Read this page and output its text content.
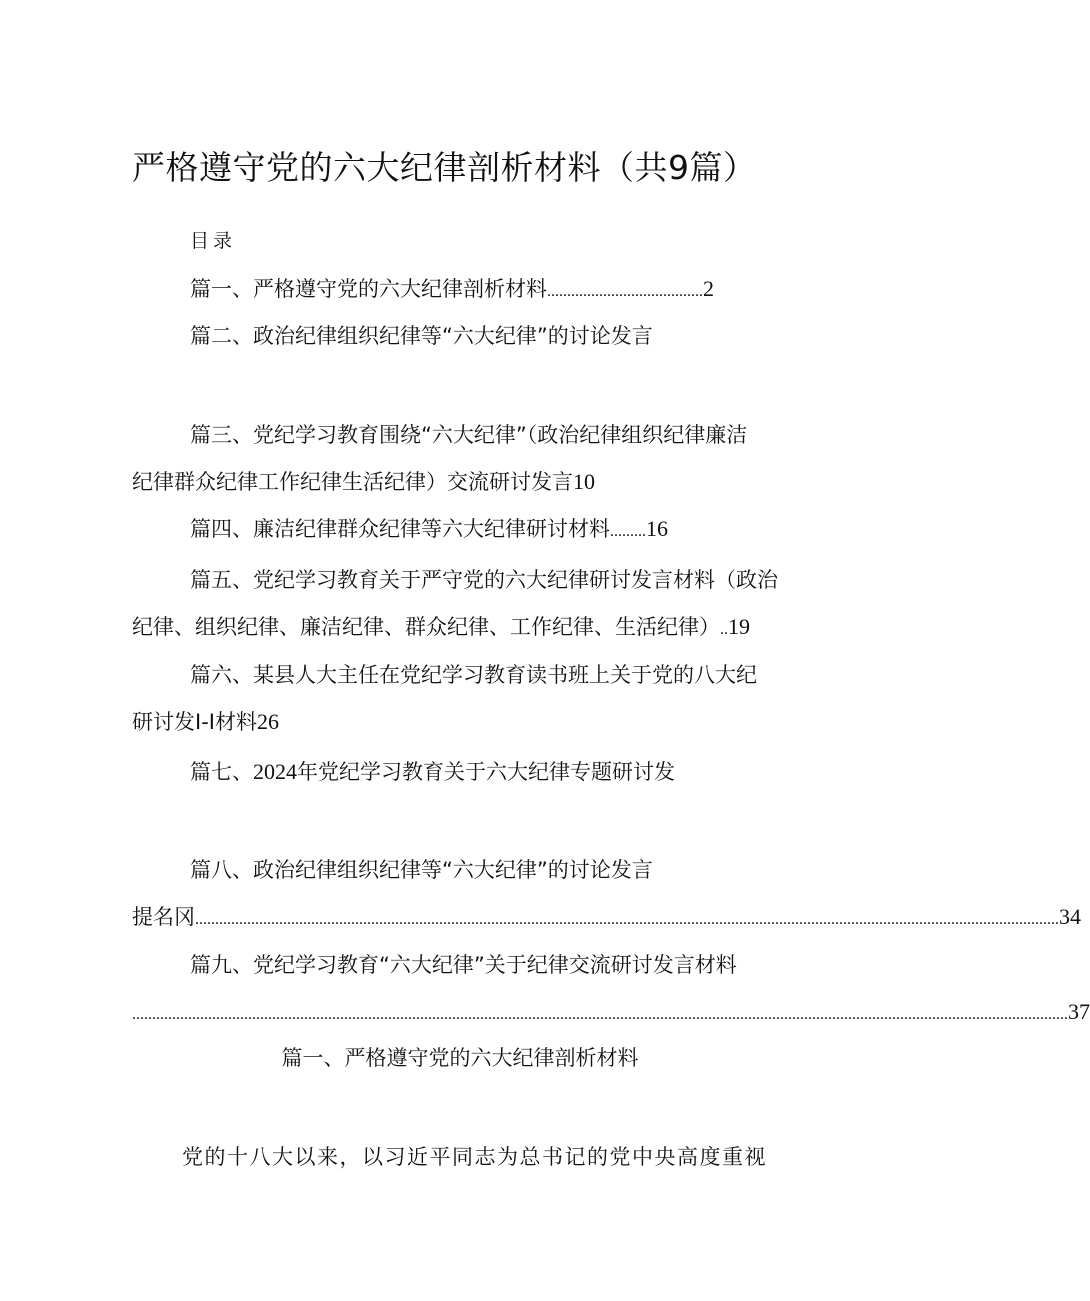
严格遵守党的六大纪律剖析材料（共9篇）
目录
篇一、严格遵守党的六大纪律剖析材料.......................................2
篇二、政治纪律组织纪律等“六大纪律”的讨论发言
篇三、党纪学习教育围绕“六大纪律”（政治纪律组织纪律廉洁
纪律群众纪律工作纪律生活纪律）交流研讨发言10
篇四、廉洁纪律群众纪律等六大纪律研讨材料.........16
篇五、党纪学习教育关于严守党的六大纪律研讨发言材料（政治
纪律、组织纪律、廉洁纪律、群众纪律、工作纪律、生活纪律）..19
篇六、某县人大主任在党纪学习教育读书班上关于党的八大纪
研讨发I-I材料26
篇七、2024年党纪学习教育关于六大纪律专题研讨发
篇八、政治纪律组织纪律等“六大纪律”的讨论发言
提名冈 ........................................................................................................................................................................................................................ 34
篇九、党纪学习教育“六大纪律”关于纪律交流研讨发言材料
.......................................................................................................................................................................................................................................... 37
篇一、严格遵守党的六大纪律剖析材料
党的十八大以来，以习近平同志为总书记的党中央高度重视
